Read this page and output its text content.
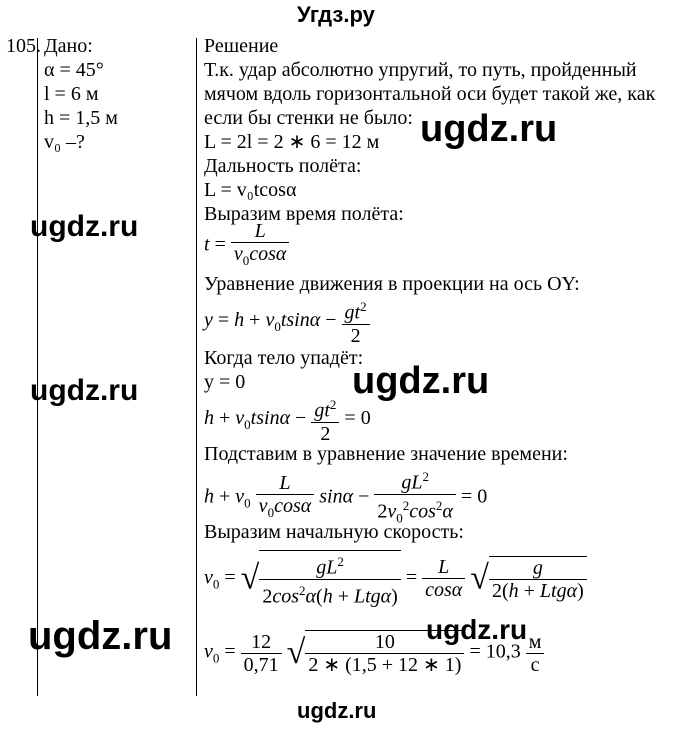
Угдз.ру
105. Дано:
α = 45°
l = 6 м
h = 1,5 м
v₀ –?
Решение
Т.к. удар абсолютно упругий, то путь, пройденный
мячом вдоль горизонтальной оси будет такой же, как
если бы стенки не было:
L = 2l = 2 ∗ 6 = 12 м
Дальность полёта:
L = v₀tcosα
Выразим время полёта:
$t = \frac{L}{v_0\cos\alpha}$
Уравнение движения в проекции на ось OY:
$y = h + v_0tsin\alpha - \frac{gt^2}{2}$
Когда тело упадёт:
y = 0
$h + v_0tsin\alpha - \frac{gt^2}{2} = 0$
Подставим в уравнение значение времени:
$h + v_0 \frac{L}{v_0\cos\alpha}$ $\sin\alpha - \frac{gL^2}{2v_0^2\cos^2\alpha} = 0$
Выразим начальную скорость:
$v_0$ = √ $\frac{gL^2}{2\cos^2\alpha(h + Ltg\alpha)} = \frac{L}{\cos\alpha}$ √ $\frac{g}{\text{2(h + Ltgα)}}$
$v_0 = \frac{12}{0,71}$ √ $\frac{10}{2 ∗ (1,5 + 12 ∗ 1)} = 10,3 \frac{м}{с}$
ugdz.ru
ugdz.ru
ugdz.ru
ugdz.ru
ugdz.ru	ugdz.ru
ugdz.ru
